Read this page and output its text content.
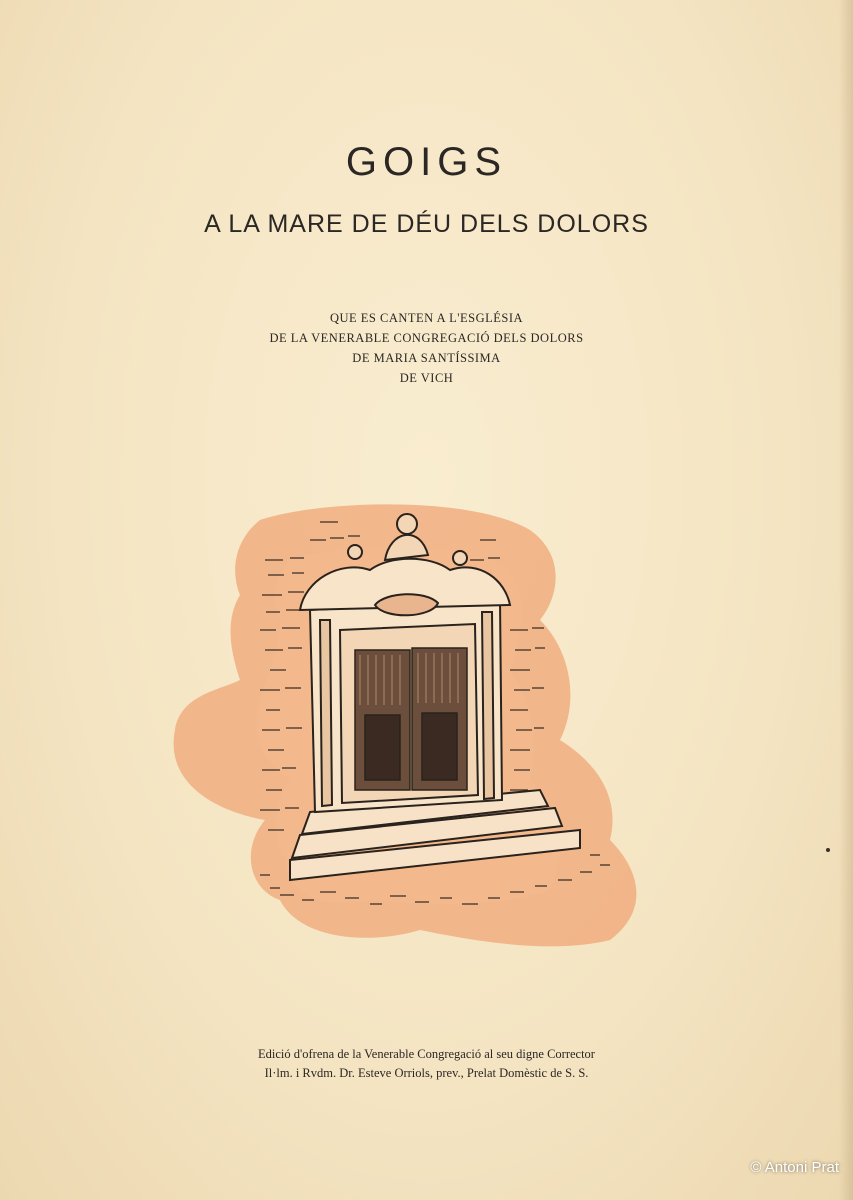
GOIGS
A LA MARE DE DÉU DELS DOLORS
QUE ES CANTEN A L'ESGLÉSIA
DE LA VENERABLE CONGREGACIÓ DELS DOLORS
DE MARIA SANTÍSSIMA
DE VICH
Edició d'ofrena de la Venerable Congregació al seu digne Corrector
Il·lm. i Rvdm. Dr. Esteve Orriols, prev., Prelat Domèstic de S. S.
© Antoni Prat
